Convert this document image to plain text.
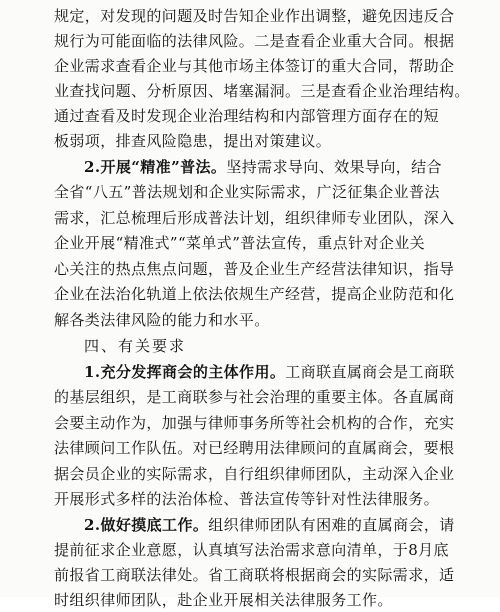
规定，对发现的问题及时告知企业作出调整，避免因违反合
规行为可能面临的法律风险。二是查看企业重大合同。根据
企业需求查看企业与其他市场主体签订的重大合同，帮助企
业查找问题、分析原因、堵塞漏洞。三是查看企业治理结构。
通过查看及时发现企业治理结构和内部管理方面存在的短
板弱项，排查风险隐患，提出对策建议。
2.开展“精准”普法。坚持需求导向、效果导向，结合
全省“八五”普法规划和企业实际需求，广泛征集企业普法
需求，汇总梳理后形成普法计划，组织律师专业团队，深入
企业开展“精准式”“菜单式”普法宣传，重点针对企业关
心关注的热点焦点问题，普及企业生产经营法律知识，指导
企业在法治化轨道上依法依规生产经营，提高企业防范和化
解各类法律风险的能力和水平。
四、有关要求
1.充分发挥商会的主体作用。工商联直属商会是工商联
的基层组织，是工商联参与社会治理的重要主体。各直属商
会要主动作为，加强与律师事务所等社会机构的合作，充实
法律顾问工作队伍。对已经聘用法律顾问的直属商会，要根
据会员企业的实际需求，自行组织律师团队，主动深入企业
开展形式多样的法治体检、普法宣传等针对性法律服务。
2.做好摸底工作。组织律师团队有困难的直属商会，请
提前征求企业意愿，认真填写法治需求意向清单，于8月底
前报省工商联法律处。省工商联将根据商会的实际需求，适
时组织律师团队，赴企业开展相关法律服务工作。
